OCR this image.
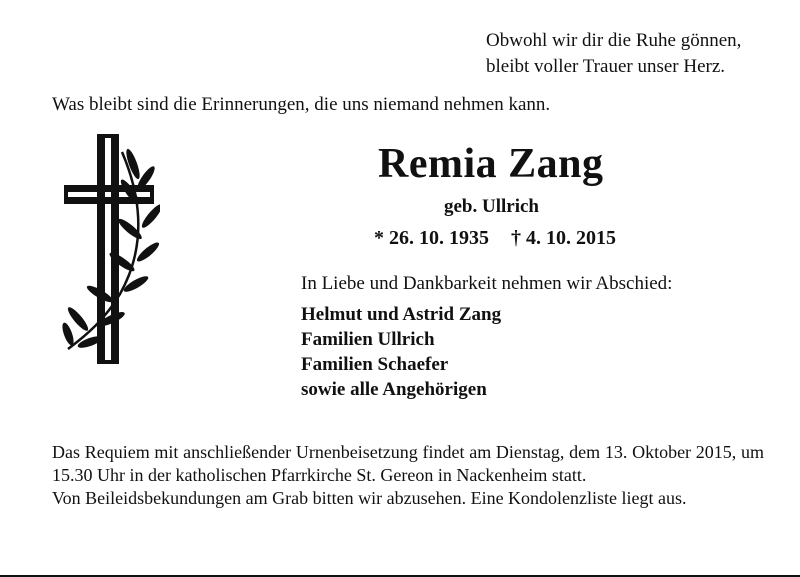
Obwohl wir dir die Ruhe gönnen,
bleibt voller Trauer unser Herz.
Was bleibt sind die Erinnerungen, die uns niemand nehmen kann.
Remia Zang
geb. Ullrich
* 26. 10. 1935 † 4. 10. 2015
In Liebe und Dankbarkeit nehmen wir Abschied:
Helmut und Astrid Zang
Familien Ullrich
Familien Schaefer
sowie alle Angehörigen

Das Requiem mit anschließender Urnenbeisetzung findet am Dienstag, dem 13. Oktober 2015, um 15.30 Uhr in der katholischen Pfarrkirche St. Gereon in Nackenheim statt.

Von Beileidsbekundungen am Grab bitten wir abzusehen. Eine Kondolenzliste liegt aus.
